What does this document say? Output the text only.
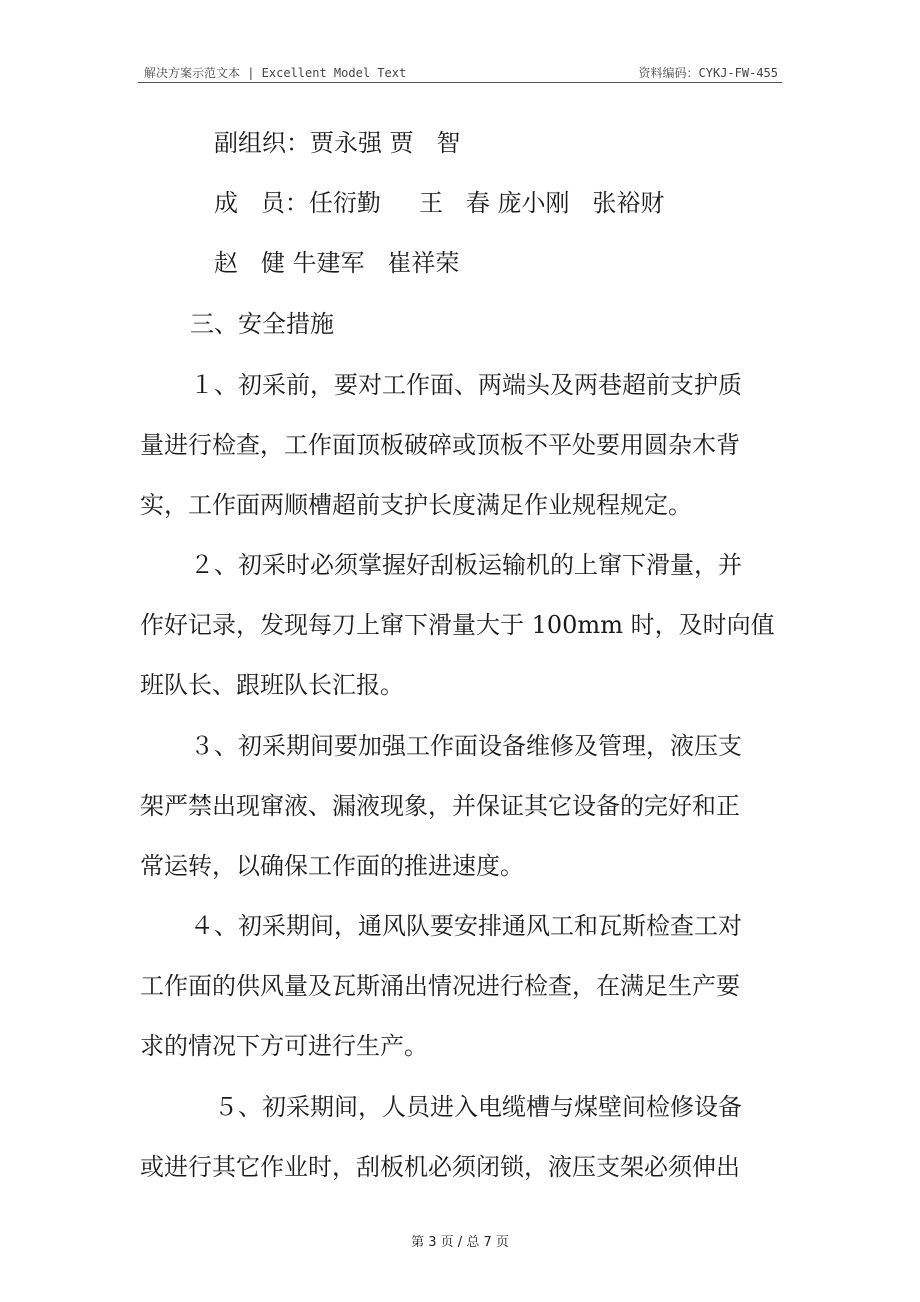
解决方案示范文本 | Excellent Model Text	资料编码：CYKJ-FW-455
副组织：贾永强 贾   智
成   员：任衍勤     王   春 庞小刚   张裕财
赵   健 牛建军   崔祥荣
三、安全措施
１、初采前，要对工作面、两端头及两巷超前支护质
量进行检查，工作面顶板破碎或顶板不平处要用圆杂木背
实，工作面两顺槽超前支护长度满足作业规程规定。
２、初采时必须掌握好刮板运输机的上窜下滑量，并
作好记录，发现每刀上窜下滑量大于 100mm 时，及时向值
班队长、跟班队长汇报。
３、初采期间要加强工作面设备维修及管理，液压支
架严禁出现窜液、漏液现象，并保证其它设备的完好和正
常运转，以确保工作面的推进速度。
４、初采期间，通风队要安排通风工和瓦斯检查工对
工作面的供风量及瓦斯涌出情况进行检查，在满足生产要
求的情况下方可进行生产。
５、初采期间，人员进入电缆槽与煤壁间检修设备
或进行其它作业时，刮板机必须闭锁，液压支架必须伸出
第 3 页 / 总 7 页
